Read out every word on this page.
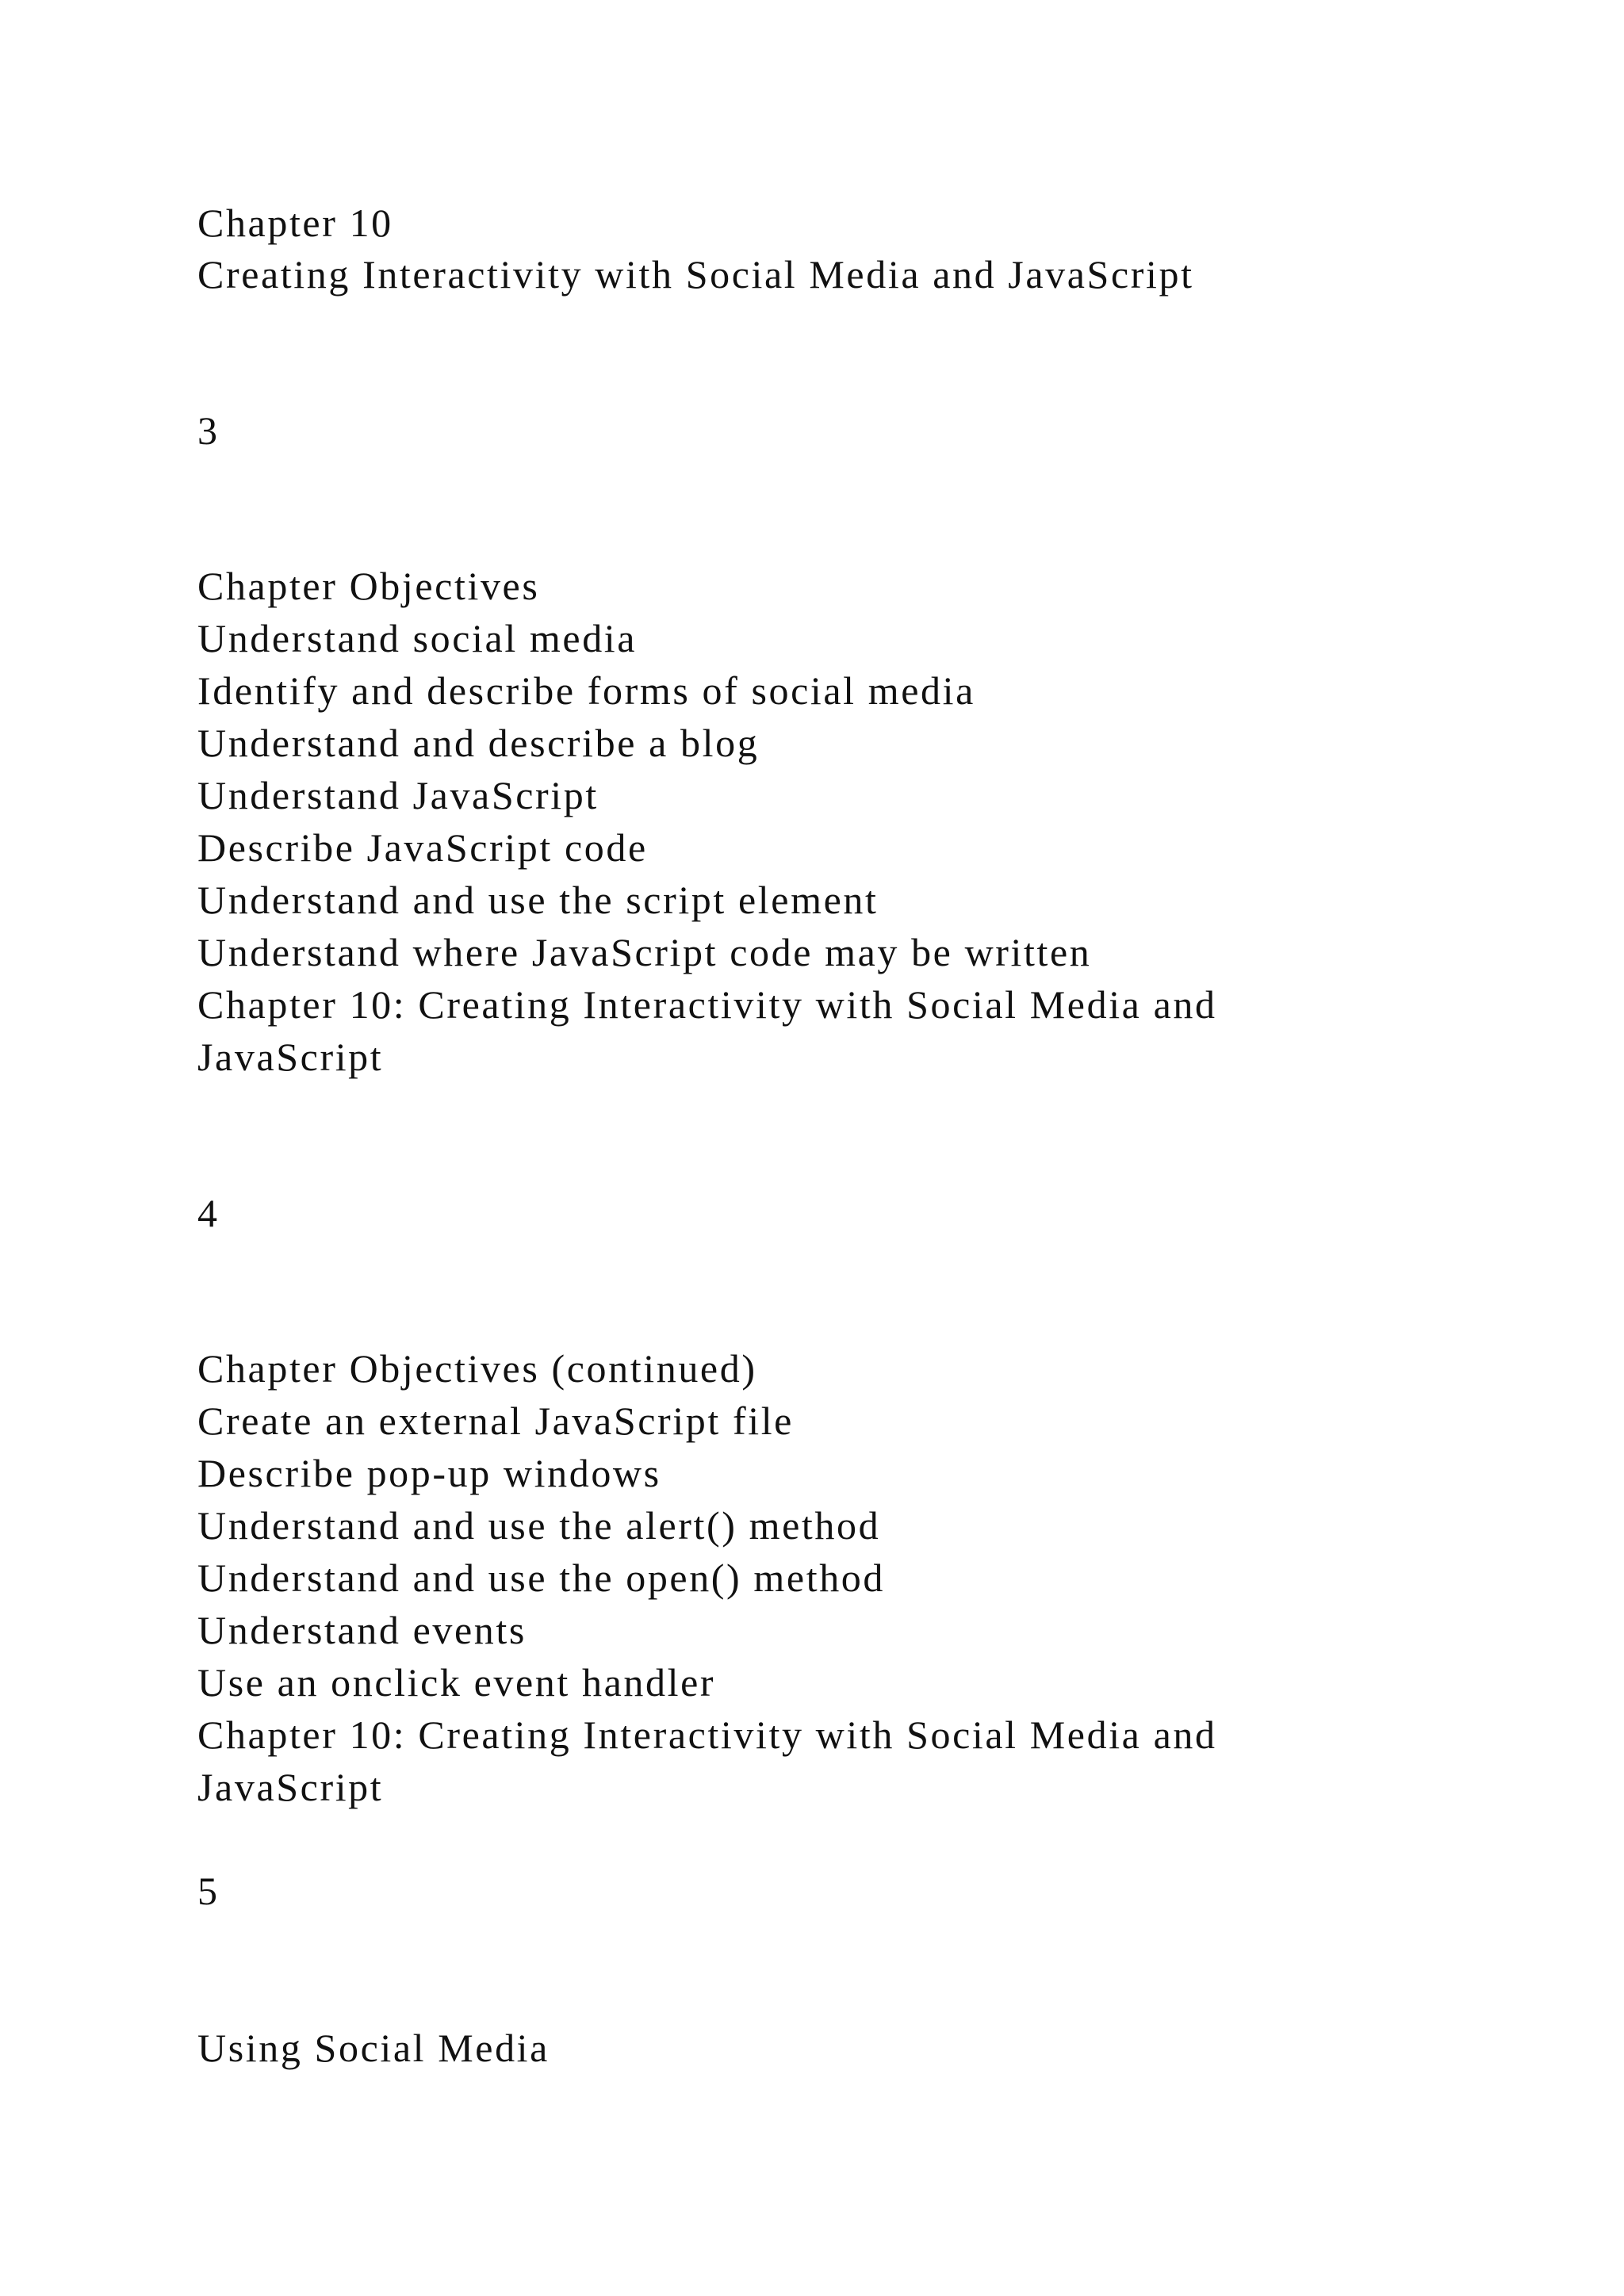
Chapter 10

Creating Interactivity with Social Media and JavaScript

3

Chapter Objectives

Understand social media

Identify and describe forms of social media

Understand and describe a blog

Understand JavaScript

Describe JavaScript code

Understand and use the script element

Understand where JavaScript code may be written

Chapter 10: Creating Interactivity with Social Media and

JavaScript

4

Chapter Objectives (continued)

Create an external JavaScript file

Describe pop-up windows

Understand and use the alert() method

Understand and use the open() method

Understand events

Use an onclick event handler

Chapter 10: Creating Interactivity with Social Media and

JavaScript

5

Using Social Media
